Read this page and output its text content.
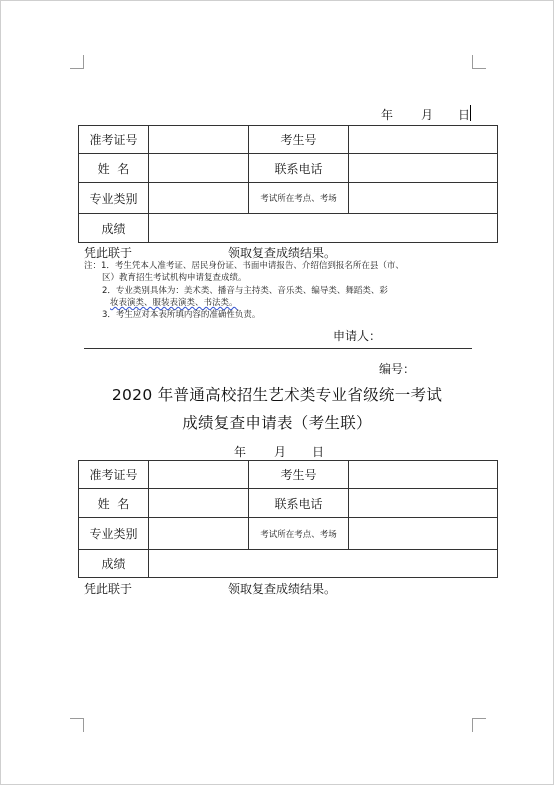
年 月 日
准考证号		考生号	
姓  名		联系电话	
专业类别		考试所在考点、考场	
成绩			
凭此联于	领取复查成绩结果。
注：1．考生凭本人准考证、居民身份证、书面申请报告、介绍信到报名所在县（市、
区）教育招生考试机构申请复查成绩。
2．专业类别具体为：美术类、播音与主持类、音乐类、编导类、舞蹈类、彩
妆表演类、服装表演类、书法类。
3．考生应对本表所填内容的准确性负责。
申请人：
编号：
2020 年普通高校招生艺术类专业省级统一考试
成绩复查申请表（考生联）
年 月 日
准考证号		考生号	
姓  名		联系电话	
专业类别		考试所在考点、考场	
成绩			
凭此联于	领取复查成绩结果。
